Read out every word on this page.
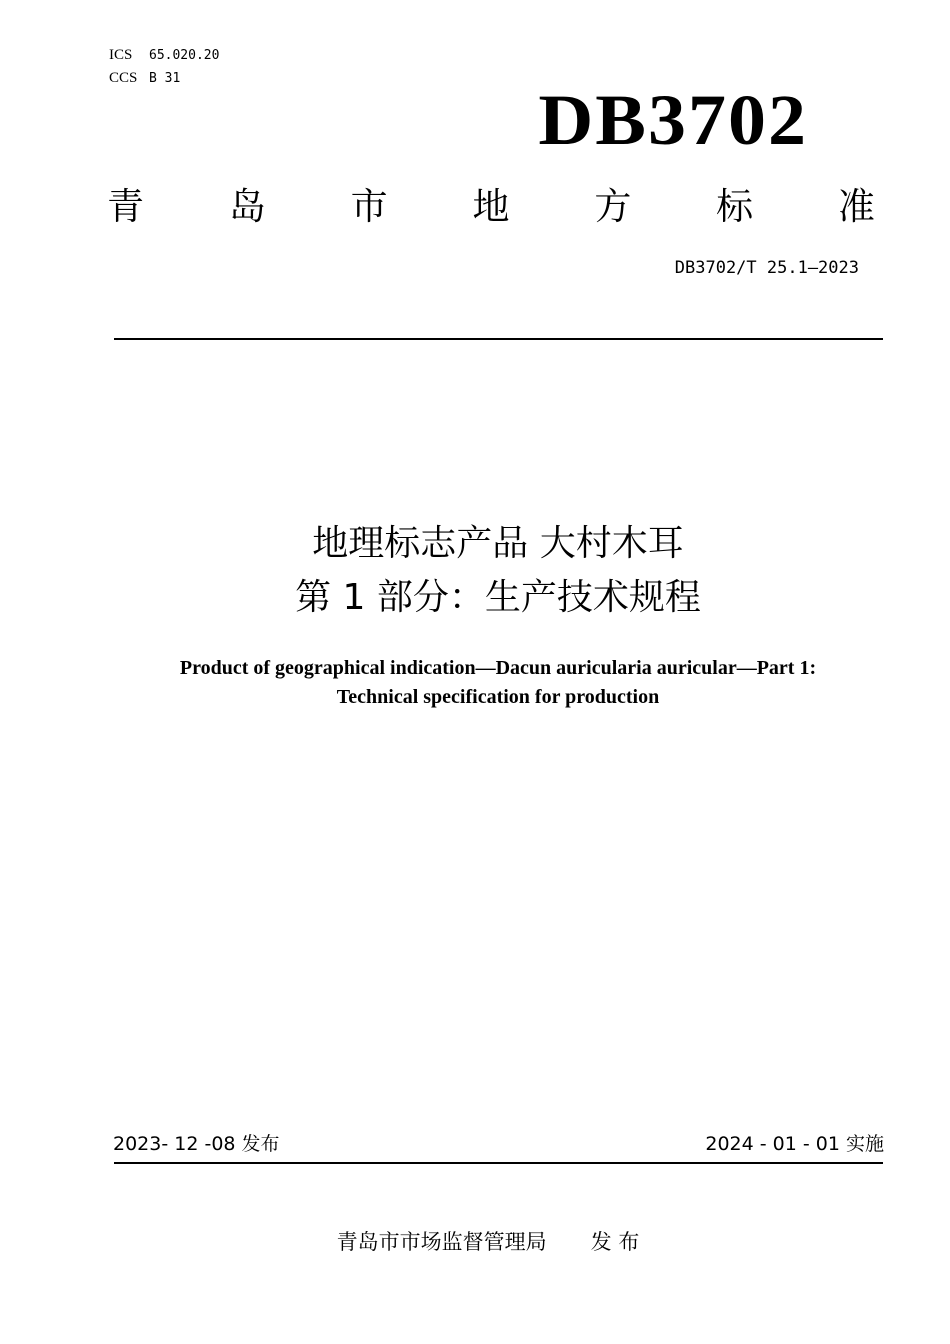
ICS 65.020.20
CCS B 31
DB3702
青 岛 市 地 方 标 准
DB3702/T 25.1—2023
地理标志产品 大村木耳
第 1 部分：生产技术规程
Product of geographical indication—Dacun auricularia auricular—Part 1:
Technical specification for production
2023- 12 -08 发布	2024 - 01 - 01 实施
青岛市市场监督管理局 发 布
